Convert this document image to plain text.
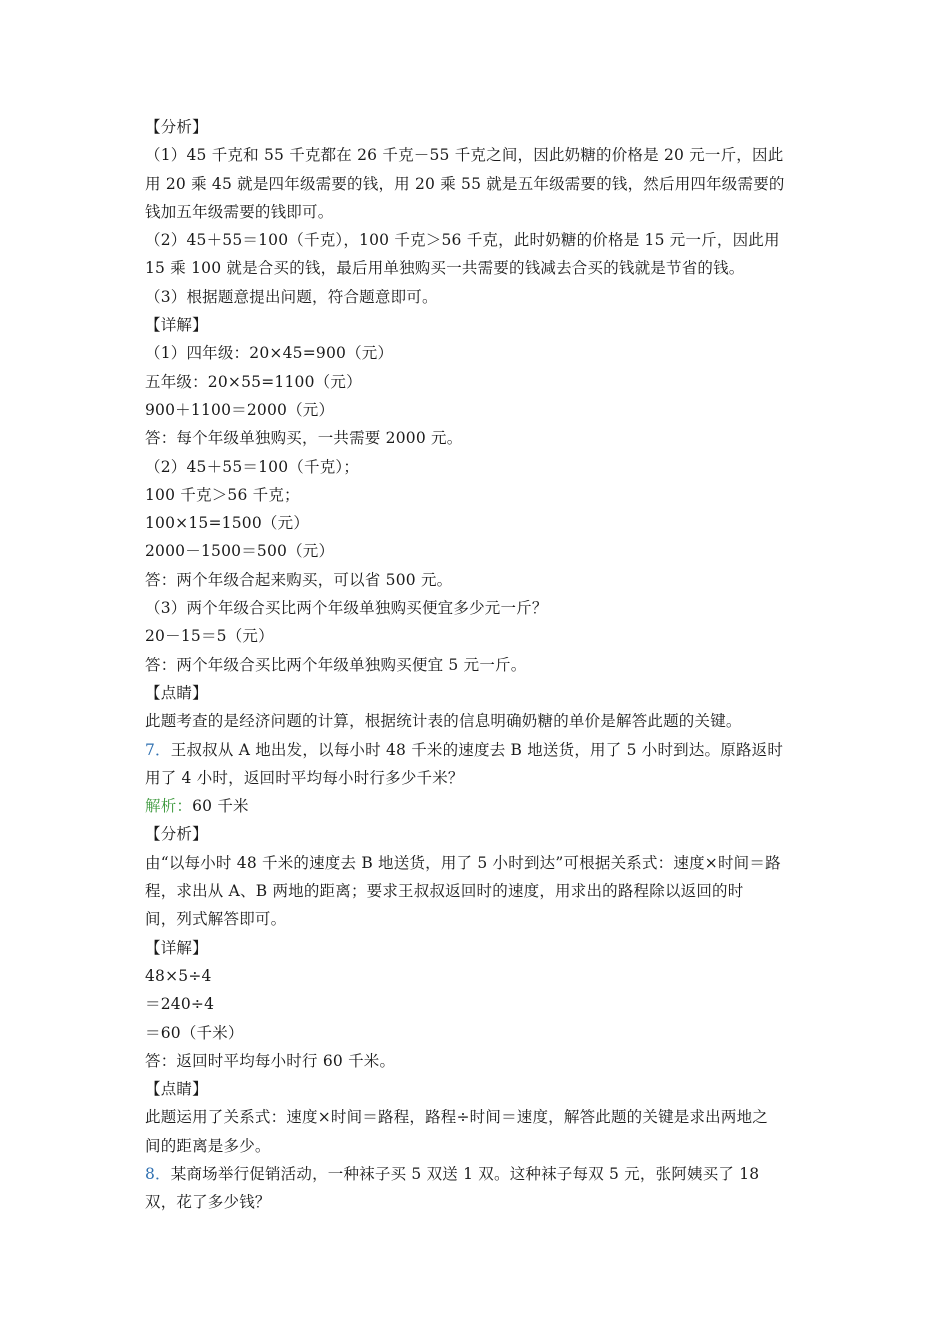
【分析】
（1）45 千克和 55 千克都在 26 千克－55 千克之间，因此奶糖的价格是 20 元一斤，因此
用 20 乘 45 就是四年级需要的钱，用 20 乘 55 就是五年级需要的钱，然后用四年级需要的
钱加五年级需要的钱即可。
（2）45＋55＝100（千克），100 千克＞56 千克，此时奶糖的价格是 15 元一斤，因此用
15 乘 100 就是合买的钱，最后用单独购买一共需要的钱减去合买的钱就是节省的钱。
（3）根据题意提出问题，符合题意即可。
【详解】
（1）四年级：20×45=900（元）
五年级：20×55=1100（元）
900＋1100＝2000（元）
答：每个年级单独购买，一共需要 2000 元。
（2）45＋55＝100（千克）；
100 千克＞56 千克；
100×15=1500（元）
2000－1500＝500（元）
答：两个年级合起来购买，可以省 500 元。
（3）两个年级合买比两个年级单独购买便宜多少元一斤？
20－15＝5（元）
答：两个年级合买比两个年级单独购买便宜 5 元一斤。
【点睛】
此题考查的是经济问题的计算，根据统计表的信息明确奶糖的单价是解答此题的关键。
7．王叔叔从 A 地出发，以每小时 48 千米的速度去 B 地送货，用了 5 小时到达。原路返时
用了 4 小时，返回时平均每小时行多少千米？
解析：60 千米
【分析】
由“以每小时 48 千米的速度去 B 地送货，用了 5 小时到达”可根据关系式：速度×时间＝路
程，求出从 A、B 两地的距离；要求王叔叔返回时的速度，用求出的路程除以返回的时
间，列式解答即可。
【详解】
48×5÷4
＝240÷4
＝60（千米）
答：返回时平均每小时行 60 千米。
【点睛】
此题运用了关系式：速度×时间＝路程，路程÷时间＝速度，解答此题的关键是求出两地之
间的距离是多少。
8．某商场举行促销活动，一种袜子买 5 双送 1 双。这种袜子每双 5 元，张阿姨买了 18
双，花了多少钱？
